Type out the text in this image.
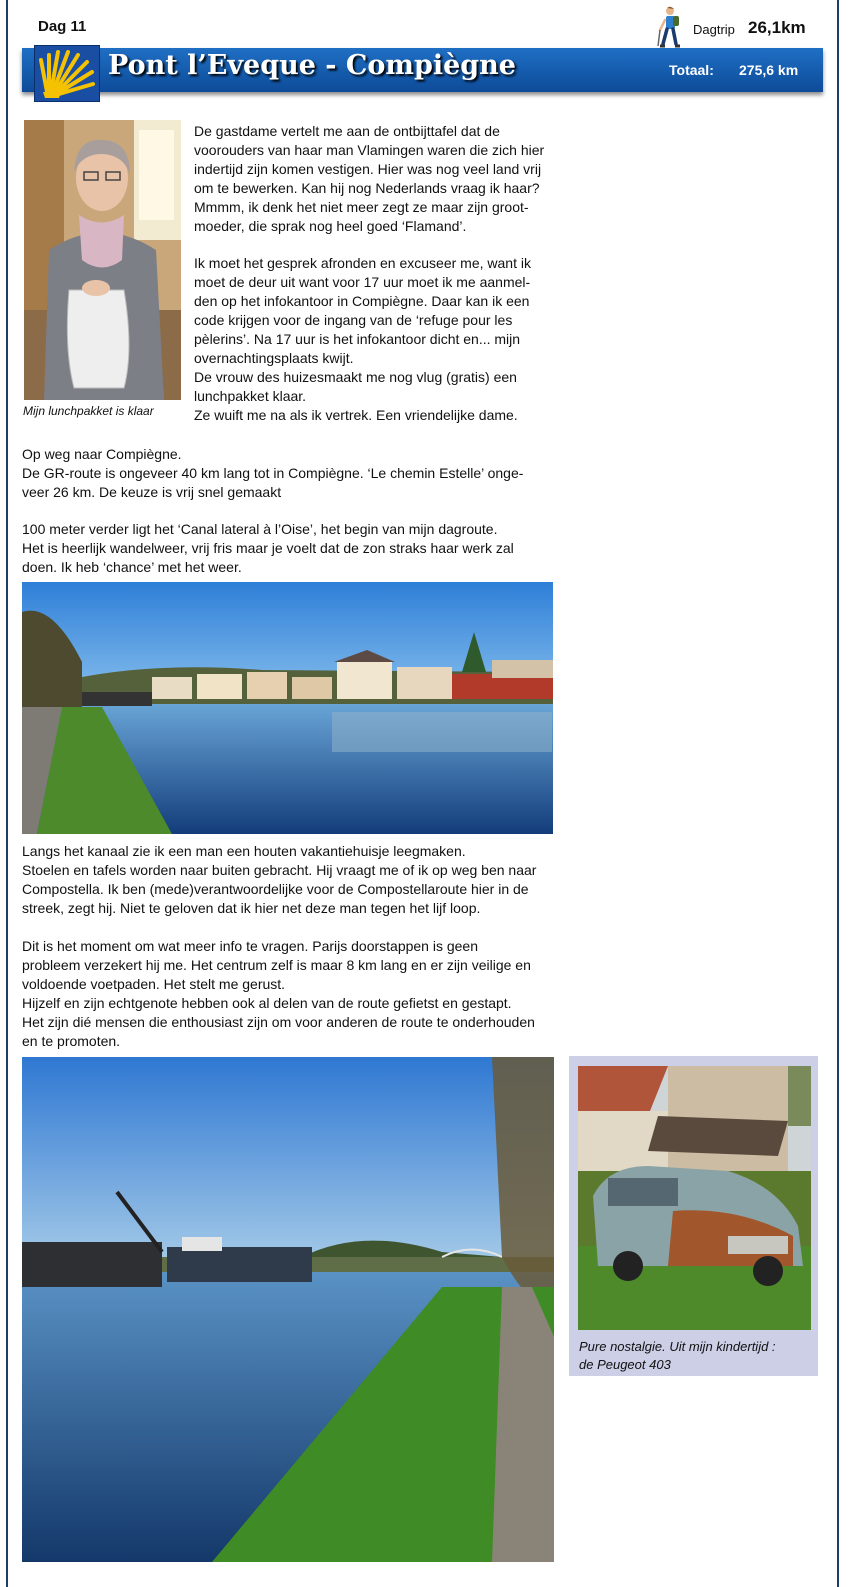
Dag 11	Dagtrip 26,1km
Pont l’Eveque - Compiègne	Totaal: 275,6 km
Mijn lunchpakket is klaar

De gastdame vertelt me aan de ontbijttafel dat de
voorouders van haar man Vlamingen waren die zich hier
indertijd zijn komen vestigen. Hier was nog veel land vrij
om te bewerken. Kan hij nog Nederlands vraag ik haar?
Mmmm, ik denk het niet meer zegt ze maar zijn groot-
moeder, die sprak nog heel goed ‘Flamand’.

Ik moet het gesprek afronden en excuseer me, want ik
moet de deur uit want voor 17 uur moet ik me aanmel-
den op het infokantoor in Compiègne. Daar kan ik een
code krijgen voor de ingang van de ‘refuge pour les
pèlerins’. Na 17 uur is het infokantoor dicht en... mijn
overnachtingsplaats kwijt.
De vrouw des huizesmaakt me nog vlug (gratis) een
lunchpakket klaar.
Ze wuift me na als ik vertrek. Een vriendelijke dame.

Op weg naar Compiègne.
De GR-route is ongeveer 40 km lang tot in Compiègne. ‘Le chemin Estelle’ onge-
veer 26 km. De keuze is vrij snel gemaakt

100 meter verder ligt het ‘Canal lateral à l’Oise’, het begin van mijn dagroute.
Het is heerlijk wandelweer, vrij fris maar je voelt dat de zon straks haar werk zal
doen. Ik heb ‘chance’ met het weer.

Langs het kanaal zie ik een man een houten vakantiehuisje leegmaken.
Stoelen en tafels worden naar buiten gebracht. Hij vraagt me of ik op weg ben naar
Compostella. Ik ben (mede)verantwoordelijke voor de Compostellaroute hier in de
streek, zegt hij. Niet te geloven dat ik hier net deze man tegen het lijf loop.

Dit is het moment om wat meer info te vragen. Parijs doorstappen is geen
probleem verzekert hij me. Het centrum zelf is maar 8 km lang en er zijn veilige en
voldoende voetpaden. Het stelt me gerust.
Hijzelf en zijn echtgenote hebben ook al delen van de route gefietst en gestapt.
Het zijn dié mensen die enthousiast zijn om voor anderen de route te onderhouden
en te promoten.

Pure nostalgie. Uit mijn kindertijd :
de Peugeot 403
